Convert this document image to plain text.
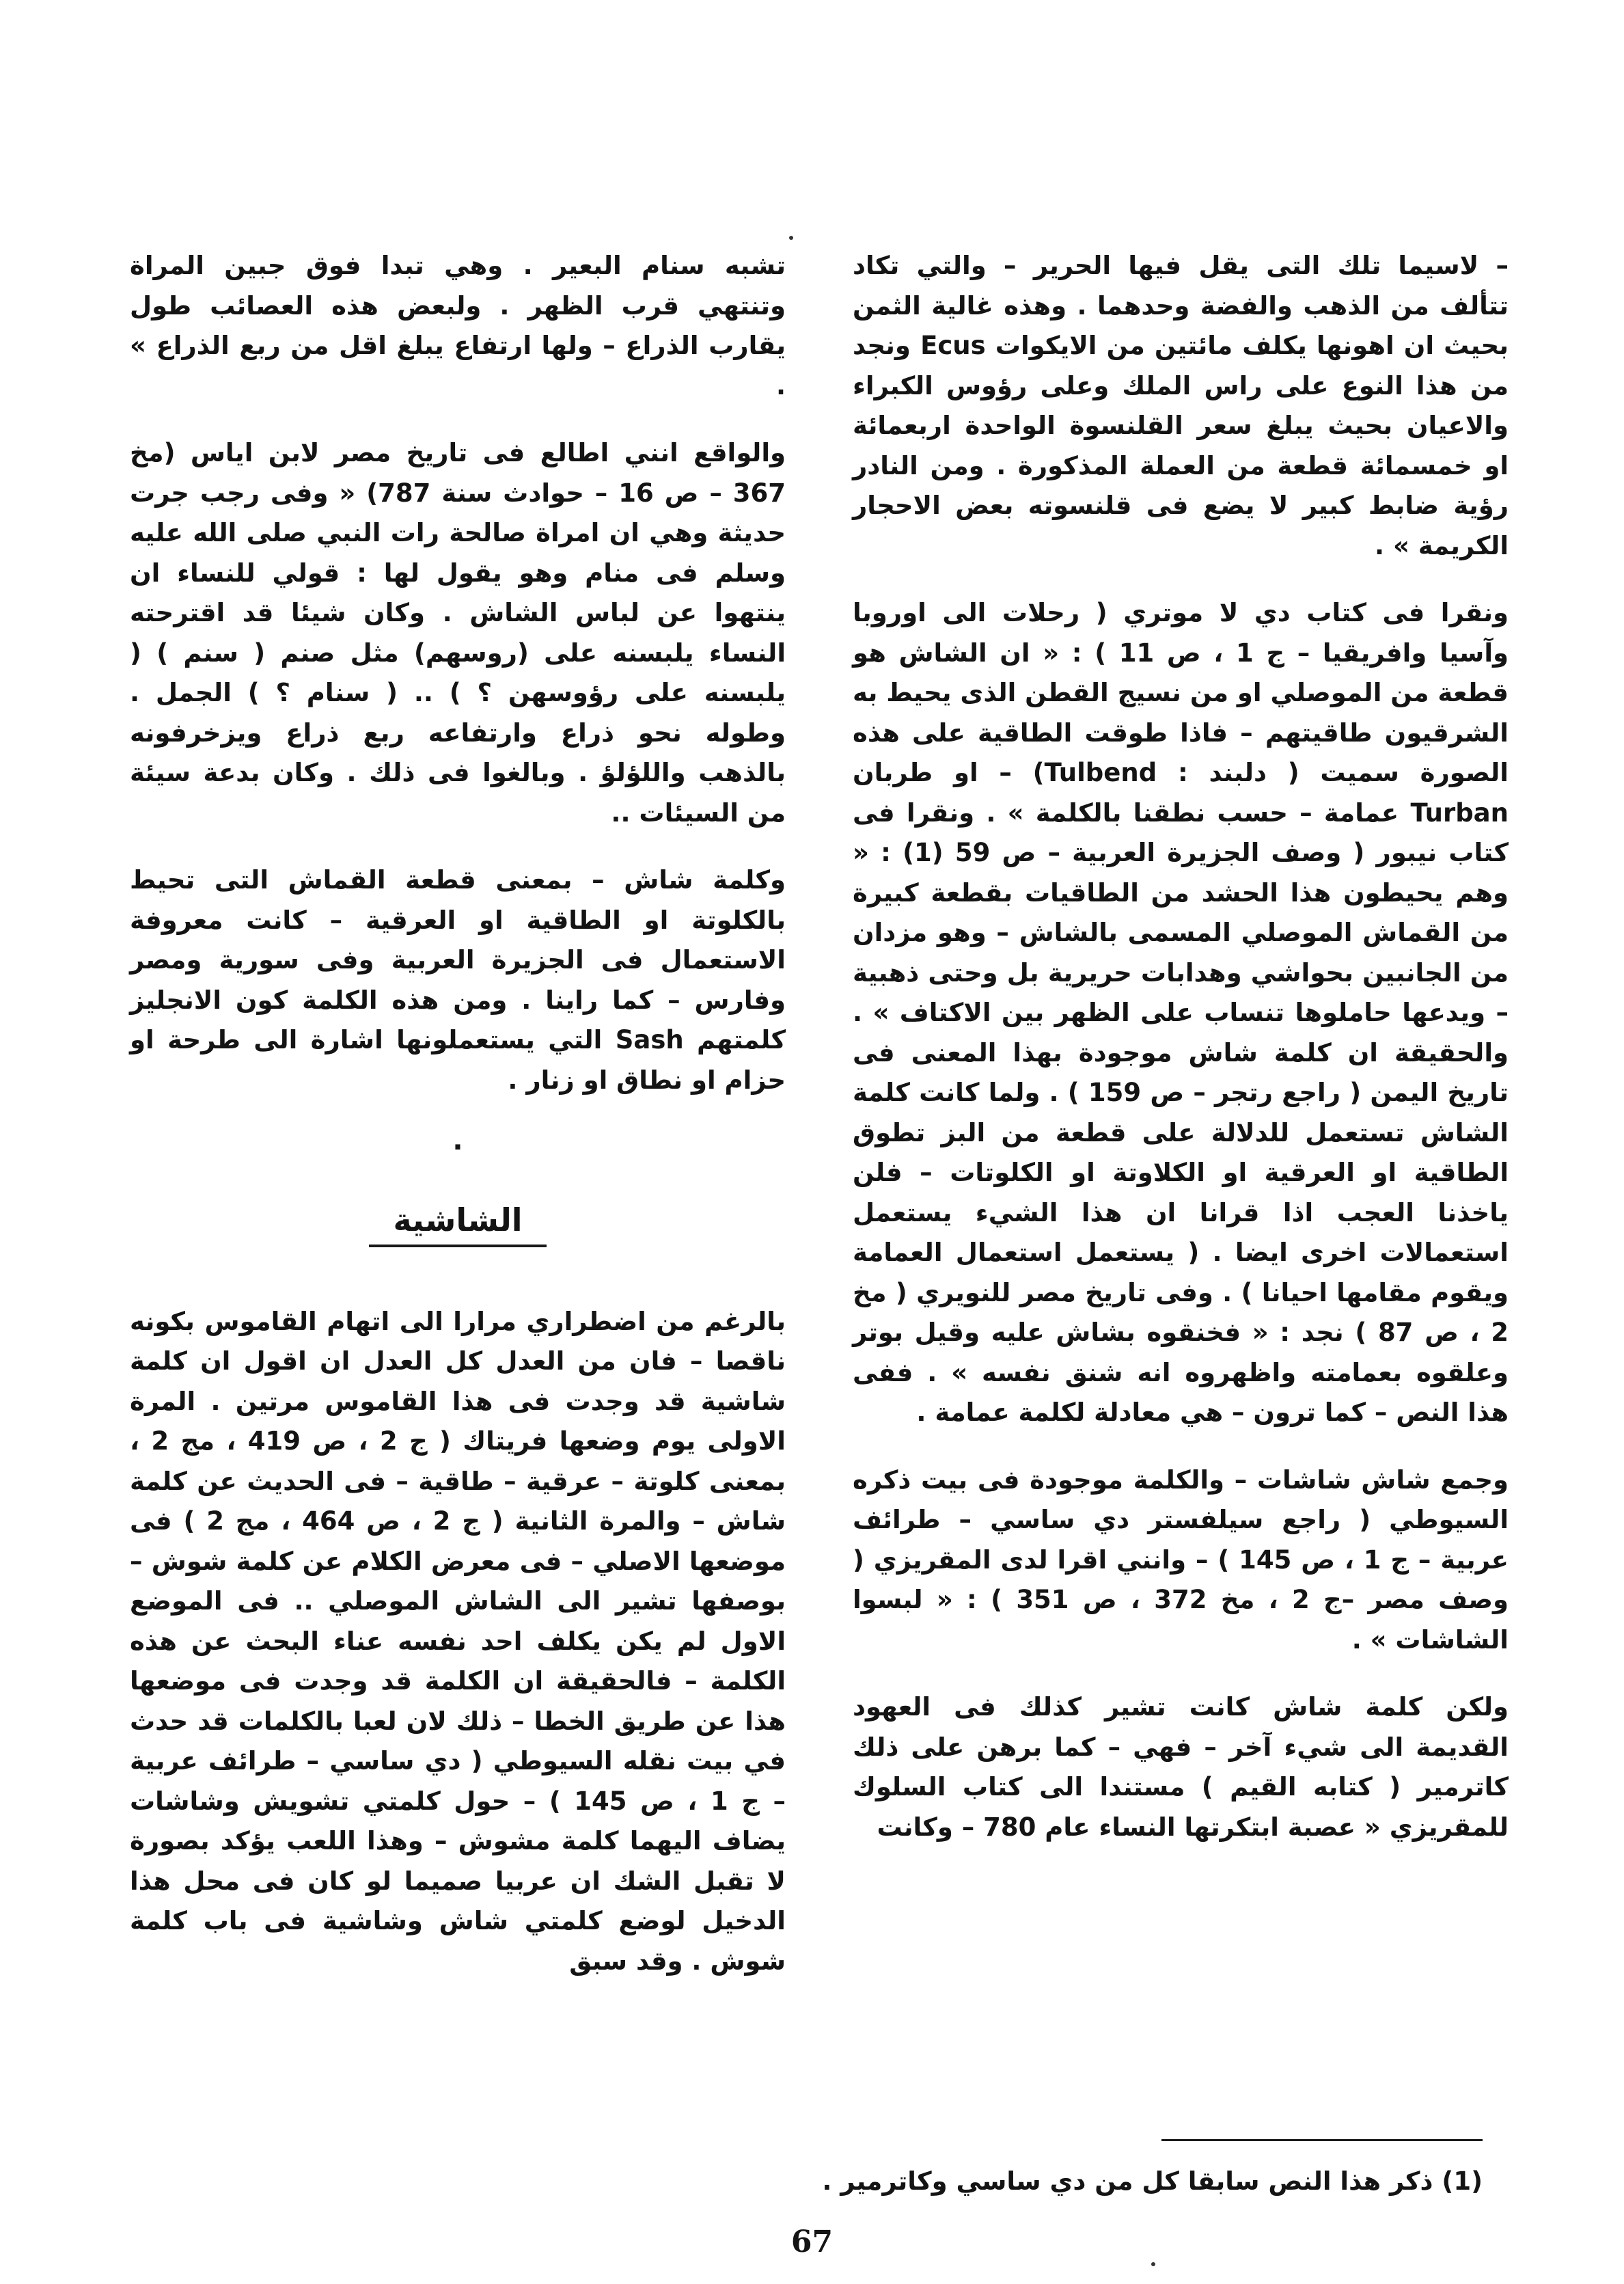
– لاسيما تلك التى يقل فيها الحرير – والتي تكاد تتألف من الذهب والفضة وحدهما . وهذه غالية الثمن بحيث ان اهونها يكلف مائتين من الايكوات Ecus ونجد من هذا النوع على راس الملك وعلى رؤوس الكبراء والاعيان بحيث يبلغ سعر القلنسوة الواحدة اربعمائة او خمسمائة قطعة من العملة المذكورة . ومن النادر رؤية ضابط كبير لا يضع فى قلنسوته بعض الاحجار الكريمة » .

ونقرا فى كتاب دي لا موتري ( رحلات الى اوروبا وآسيا وافريقيا – ج 1 ، ص 11 ) : « ان الشاش هو قطعة من الموصلي او من نسيج القطن الذى يحيط به الشرقيون طاقيتهم – فاذا طوقت الطاقية على هذه الصورة سميت ( دلبند : Tulbend) – او طربان Turban عمامة – حسب نطقنا بالكلمة » . ونقرا فى كتاب نيبور ( وصف الجزيرة العربية – ص 59 (1) : « وهم يحيطون هذا الحشد من الطاقيات بقطعة كبيرة من القماش الموصلي المسمى بالشاش – وهو مزدان من الجانبين بحواشي وهدابات حريرية بل وحتى ذهبية – ويدعها حاملوها تنساب على الظهر بين الاكتاف » . والحقيقة ان كلمة شاش موجودة بهذا المعنى فى تاريخ اليمن ( راجع رتجر – ص 159 ) . ولما كانت كلمة الشاش تستعمل للدلالة على قطعة من البز تطوق الطاقية او العرقية او الكلاوتة او الكلوتات – فلن ياخذنا العجب اذا قرانا ان هذا الشيء يستعمل استعمالات اخرى ايضا . ( يستعمل استعمال العمامة ويقوم مقامها احيانا ) . وفى تاريخ مصر للنويري ( مخ 2 ، ص 87 ) نجد : « فخنقوه بشاش عليه وقيل بوتر وعلقوه بعمامته واظهروه انه شنق نفسه » . ففى هذا النص – كما ترون – هي معادلة لكلمة عمامة .

وجمع شاش شاشات – والكلمة موجودة فى بيت ذكره السيوطي ( راجع سيلفستر دي ساسي – طرائف عربية – ج 1 ، ص 145 ) – وانني اقرا لدى المقريزي ( وصف مصر –ج 2 ، مخ 372 ، ص 351 ) : « لبسوا الشاشات » .

ولكن كلمة شاش كانت تشير كذلك فى العهود القديمة الى شيء آخر – فهي – كما برهن على ذلك كاترمير ( كتابه القيم ) مستندا الى كتاب السلوك للمقريزي « عصبة ابتكرتها النساء عام 780 – وكانت

تشبه سنام البعير . وهي تبدا فوق جبين المراة وتنتهي قرب الظهر . ولبعض هذه العصائب طول يقارب الذراع – ولها ارتفاع يبلغ اقل من ربع الذراع » .

والواقع انني اطالع فى تاريخ مصر لابن اياس (مخ 367 – ص 16 – حوادث سنة 787) « وفى رجب جرت حديثة وهي ان امراة صالحة رات النبي صلى الله عليه وسلم فى منام وهو يقول لها : قولي للنساء ان ينتهوا عن لباس الشاش . وكان شيئا قد اقترحته النساء يلبسنه على (روسهم) مثل صنم ( سنم ) ( يلبسنه على رؤوسهن ؟ ) .. ( سنام ؟ ) الجمل . وطوله نحو ذراع وارتفاعه ربع ذراع ويزخرفونه بالذهب واللؤلؤ . وبالغوا فى ذلك . وكان بدعة سيئة من السيئات ..

وكلمة شاش – بمعنى قطعة القماش التى تحيط بالكلوتة او الطاقية او العرقية – كانت معروفة الاستعمال فى الجزيرة العربية وفى سورية ومصر وفارس – كما راينا . ومن هذه الكلمة كون الانجليز كلمتهم Sash التي يستعملونها اشارة الى طرحة او حزام او نطاق او زنار .

·
الشاشية

بالرغم من اضطراري مرارا الى اتهام القاموس بكونه ناقصا – فان من العدل كل العدل ان اقول ان كلمة شاشية قد وجدت فى هذا القاموس مرتين . المرة الاولى يوم وضعها فريتاك ( ج 2 ، ص 419 ، مج 2 ، بمعنى كلوتة – عرقية – طاقية – فى الحديث عن كلمة شاش – والمرة الثانية ( ج 2 ، ص 464 ، مج 2 ) فى موضعها الاصلي – فى معرض الكلام عن كلمة شوش – بوصفها تشير الى الشاش الموصلي .. فى الموضع الاول لم يكن يكلف احد نفسه عناء البحث عن هذه الكلمة – فالحقيقة ان الكلمة قد وجدت فى موضعها هذا عن طريق الخطا – ذلك لان لعبا بالكلمات قد حدث في بيت نقله السيوطي ( دي ساسي – طرائف عربية – ج 1 ، ص 145 ) – حول كلمتي تشويش وشاشات يضاف اليهما كلمة مشوش – وهذا اللعب يؤكد بصورة لا تقبل الشك ان عربيا صميما لو كان فى محل هذا الدخيل لوضع كلمتي شاش وشاشية فى باب كلمة شوش . وقد سبق

(1) ذكر هذا النص سابقا كل من دي ساسي وكاترمير .
67
